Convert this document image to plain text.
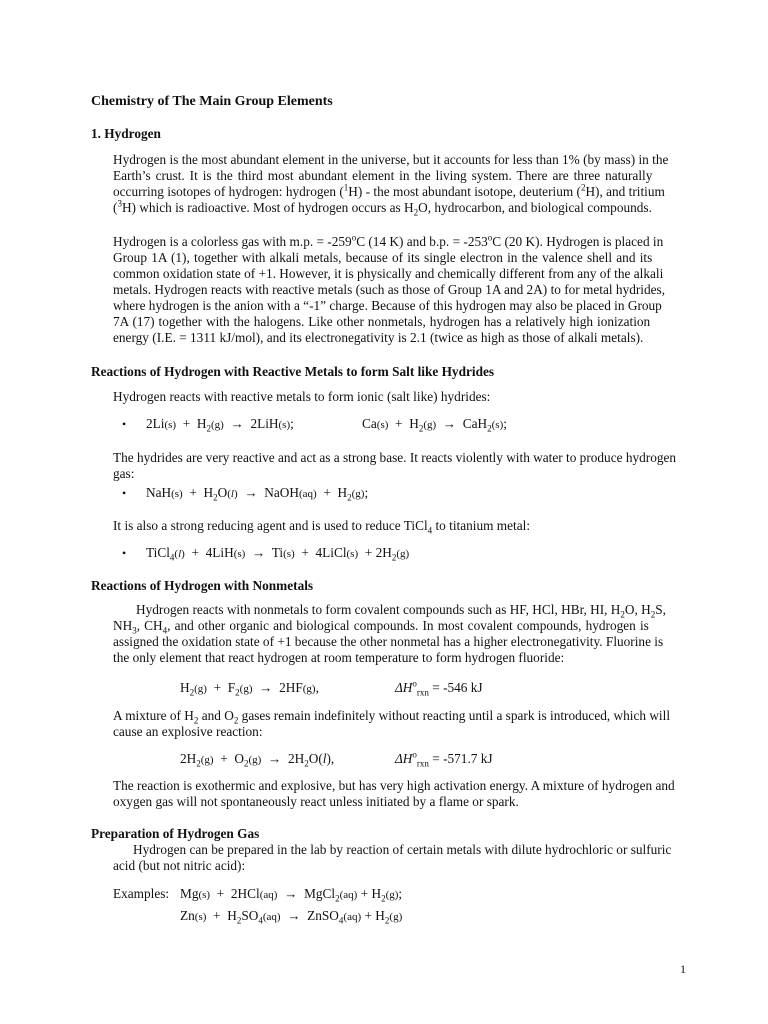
Chemistry of The Main Group Elements
1. Hydrogen
Hydrogen is the most abundant element in the universe, but it accounts for less than 1% (by mass) in the
Earth’s crust. It is the third most abundant element in the living system. There are three naturally
occurring isotopes of hydrogen: hydrogen ($^1$H) - the most abundant isotope, deuterium ($^2$H), and tritium
($^3$H) which is radioactive. Most of hydrogen occurs as $H_2O$, hydrocarbon, and biological compounds.
Hydrogen is a colorless gas with m.p. = $-259^oC$ (14 K) and b.p. = $-253^oC$ (20 K). Hydrogen is placed in
Group 1A (1), together with alkali metals, because of its single electron in the valence shell and its
common oxidation state of +1. However, it is physically and chemically different from any of the alkali
metals. Hydrogen reacts with reactive metals (such as those of Group 1A and 2A) to for metal hydrides,
where hydrogen is the anion with a “-1” charge. Because of this hydrogen may also be placed in Group
7A (17) together with the halogens. Like other nonmetals, hydrogen has a relatively high ionization
energy (I.E. = 1311 kJ/mol), and its electronegativity is 2.1 (twice as high as those of alkali metals).
Reactions of Hydrogen with Reactive Metals to form Salt like Hydrides
Hydrogen reacts with reactive metals to form ionic (salt like) hydrides:
• $2Li(s) + H_2(g) \to 2LiH(s)$;	$Ca(s) + H_2(g) \to CaH_2(s)$;
The hydrides are very reactive and act as a strong base. It reacts violently with water to produce hydrogen
gas:
• $NaH(s) + H_2O(l)$ → NaOH(aq) + $H_2(g)$;
It is also a strong reducing agent and is used to reduce TiCl$_4$ to titanium metal:
• TiCl$_4$(l) + 4LiH(s) → Ti(s) + 4LiCl(s) + $2H_2(g)$
Reactions of Hydrogen with Nonmetals
Hydrogen reacts with nonmetals to form covalent compounds such as HF, HCl, HBr, HI, $H_2O$, $H_2S$,
$NH_3$, $CH_4$, and other organic and biological compounds. In most covalent compounds, hydrogen is
assigned the oxidation state of +1 because the other nonmetal has a higher electronegativity. Fluorine is
the only element that react hydrogen at room temperature to form hydrogen fluoride:
$H_2(g) + F_2(g) \to 2HF(g)$,	$\Delta H^o_{rxn} = -546$ kJ
A mixture of $H_2$ and $O_2$ gases remain indefinitely without reacting until a spark is introduced, which will
cause an explosive reaction:
$2H_2(g) + O_2(g) \to 2H_2O(l)$,	$\Delta H^o_{rxn} = -571.7$ kJ
The reaction is exothermic and explosive, but has very high activation energy. A mixture of hydrogen and
oxygen gas will not spontaneously react unless initiated by a flame or spark.
Preparation of Hydrogen Gas
Hydrogen can be prepared in the lab by reaction of certain metals with dilute hydrochloric or sulfuric
acid (but not nitric acid):
Examples: Mg(s) + 2HCl(aq) → MgCl$_2$(aq) + $H_2(g)$;
$Zn(s) + H_2SO_4(aq)$ → ZnSO$_4$(aq) + $H_2(g)$
1
